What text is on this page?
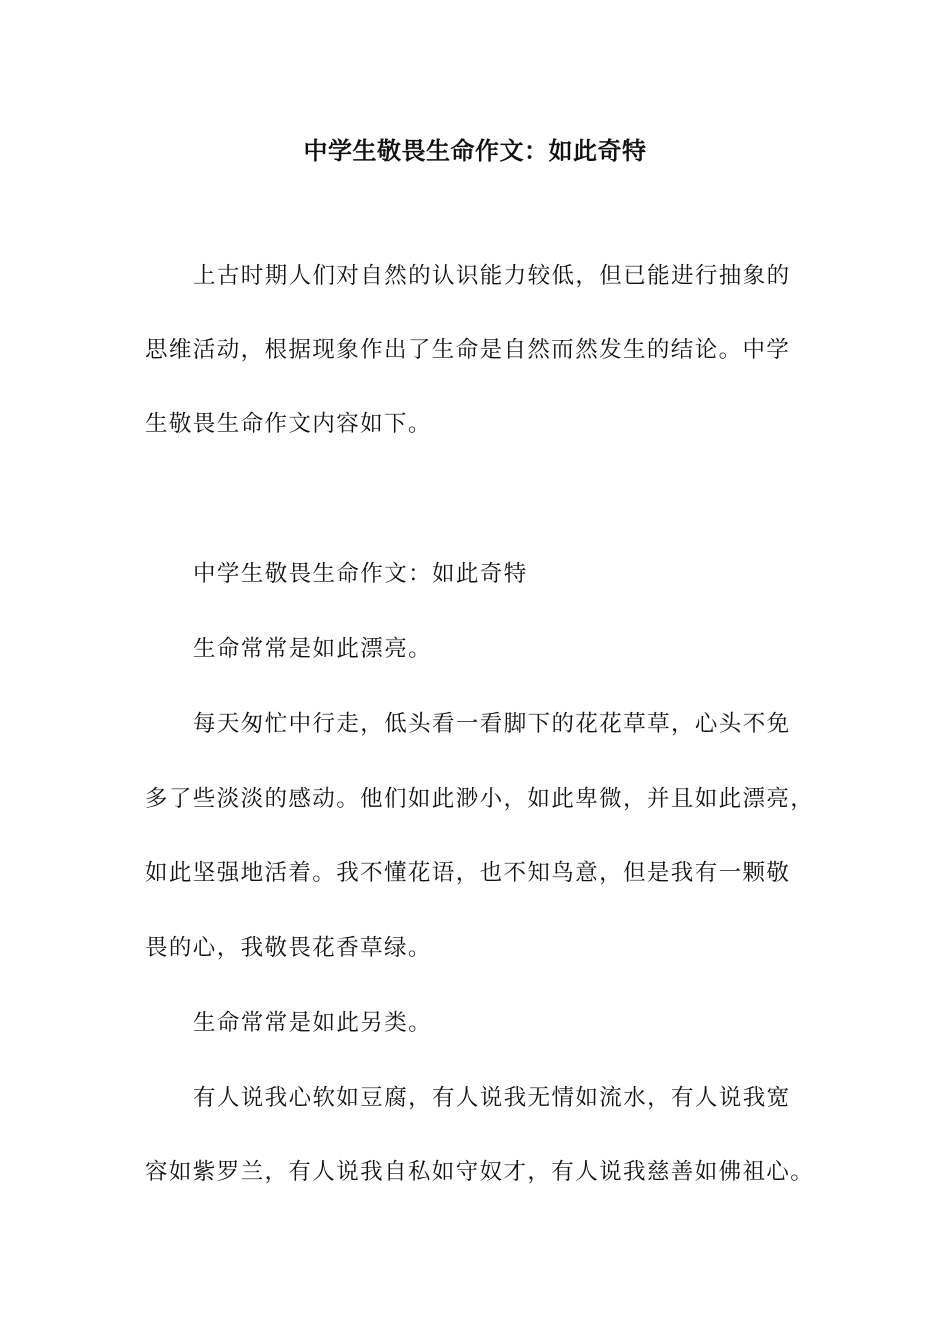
中学生敬畏生命作文：如此奇特
上古时期人们对自然的认识能力较低，但已能进行抽象的
思维活动，根据现象作出了生命是自然而然发生的结论。中学
生敬畏生命作文内容如下。
中学生敬畏生命作文：如此奇特
生命常常是如此漂亮。
每天匆忙中行走，低头看一看脚下的花花草草，心头不免
多了些淡淡的感动。他们如此渺小，如此卑微，并且如此漂亮，
如此坚强地活着。我不懂花语，也不知鸟意，但是我有一颗敬
畏的心，我敬畏花香草绿。
生命常常是如此另类。
有人说我心软如豆腐，有人说我无情如流水，有人说我宽
容如紫罗兰，有人说我自私如守奴才，有人说我慈善如佛祖心。
